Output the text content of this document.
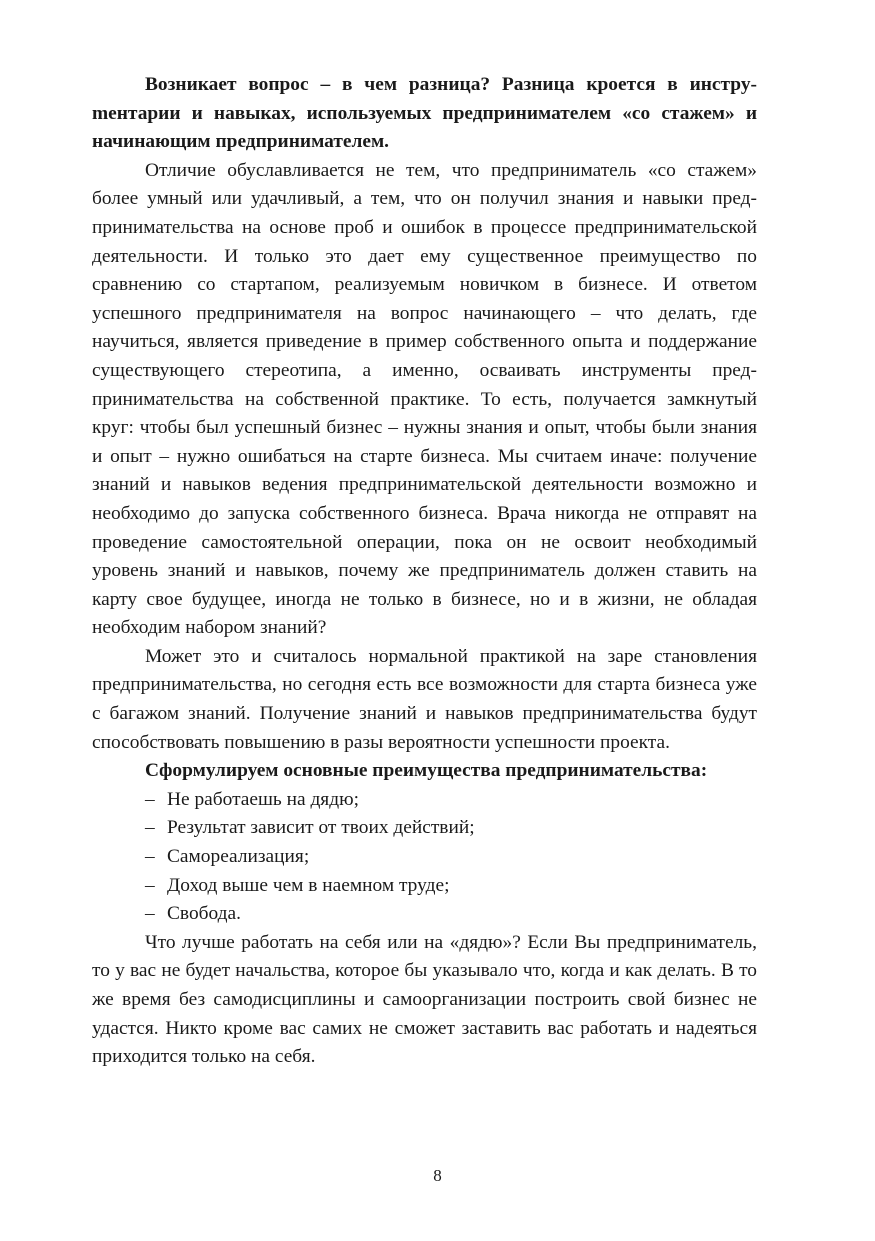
Возникает вопрос – в чем разница? Разница кроется в инструmентарии и навыках, используемых предпринимателем «со стажем» и начинающим предпринимателем.

Отличие обуславливается не тем, что предприниматель «со стажем» более умный или удачливый, а тем, что он получил знания и навыки предпринимательства на основе проб и ошибок в процессе предпринимательской деятельности. И только это дает ему существенное преимущество по сравнению со стартапом, реализуемым новичком в бизнесе. И ответом успешного предпринимателя на вопрос начинающего – что делать, где научиться, является приведение в пример собственного опыта и поддержание существующего стереотипа, а именно, осваивать инструменты предпринимательства на собственной практике. То есть, получается замкнутый круг: чтобы был успешный бизнес – нужны знания и опыт, чтобы были знания и опыт – нужно ошибаться на старте бизнеса. Мы считаем иначе: получение знаний и навыков ведения предпринимательской деятельности возможно и необходимо до запуска собственного бизнеса. Врача никогда не отправят на проведение самостоятельной операции, пока он не освоит необходимый уровень знаний и навыков, почему же предприниматель должен ставить на карту свое будущее, иногда не только в бизнесе, но и в жизни, не обладая необходим набором знаний?

Может это и считалось нормальной практикой на заре становления предпринимательства, но сегодня есть все возможности для старта бизнеса уже с багажом знаний. Получение знаний и навыков предпринимательства будут способствовать повышению в разы вероятности успешности проекта.

Сформулируем основные преимущества предпринимательства:

– Не работаешь на дядю;
– Результат зависит от твоих действий;
– Самореализация;
– Доход выше чем в наемном труде;
– Свобода.

Что лучше работать на себя или на «дядю»? Если Вы предприниматель, то у вас не будет начальства, которое бы указывало что, когда и как делать. В то же время без самодисциплины и самоорганизации построить свой бизнес не удастся. Никто кроме вас самих не сможет заставить вас работать и надеяться приходится только на себя.

8
